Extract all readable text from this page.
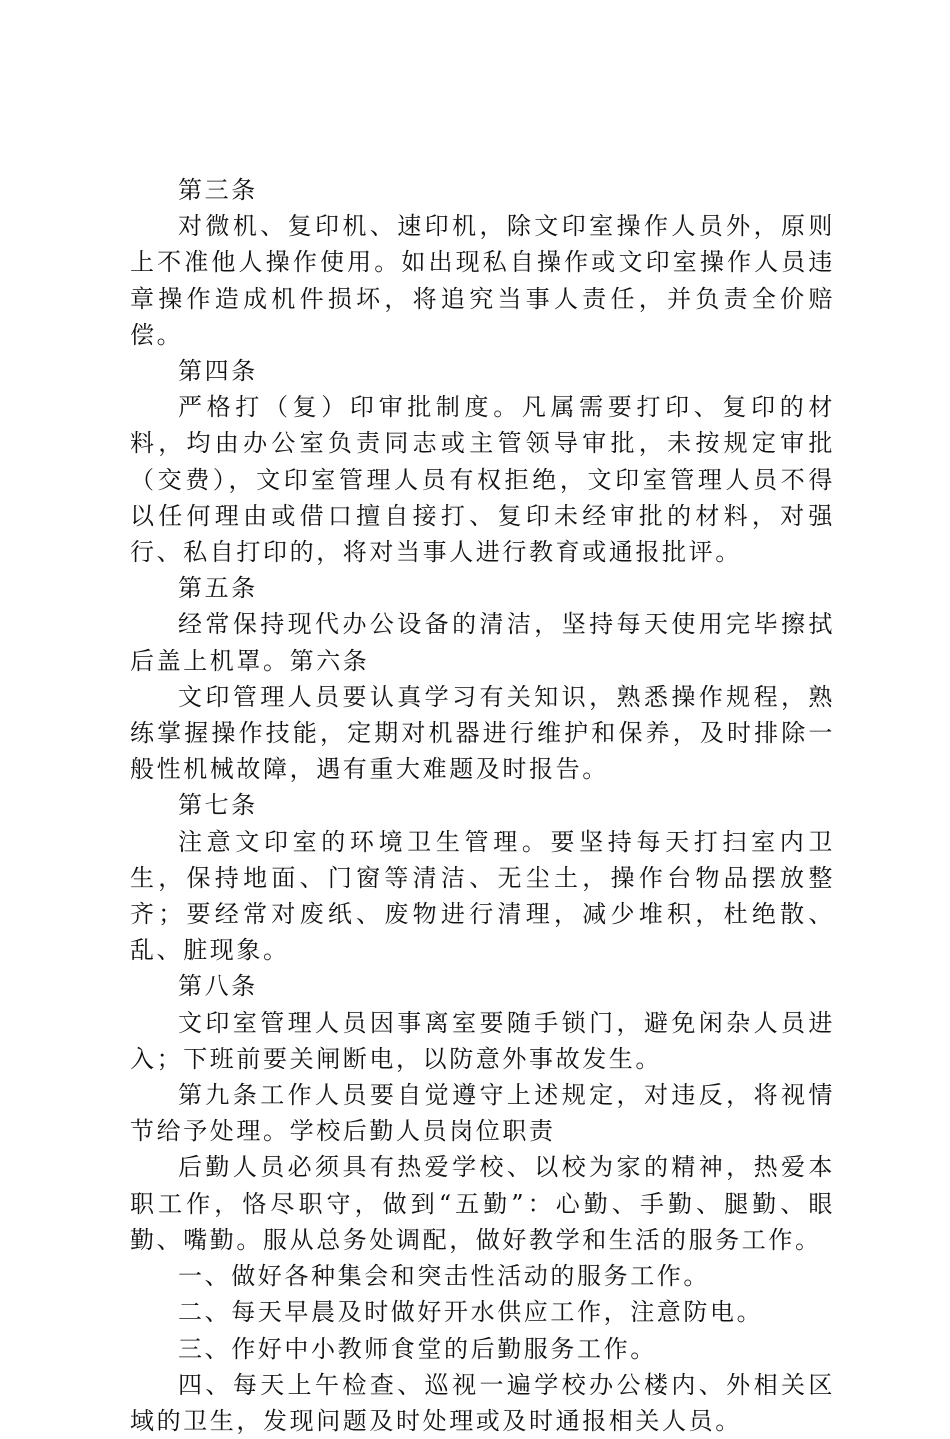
第三条

对微机、复印机、速印机，除文印室操作人员外，原则上不准他人操作使用。如出现私自操作或文印室操作人员违章操作造成机件损坏，将追究当事人责任，并负责全价赔偿。

第四条

严格打（复）印审批制度。凡属需要打印、复印的材料，均由办公室负责同志或主管领导审批，未按规定审批（交费），文印室管理人员有权拒绝，文印室管理人员不得以任何理由或借口擅自接打、复印未经审批的材料，对强行、私自打印的，将对当事人进行教育或通报批评。

第五条

经常保持现代办公设备的清洁，坚持每天使用完毕擦拭后盖上机罩。第六条

文印管理人员要认真学习有关知识，熟悉操作规程，熟练掌握操作技能，定期对机器进行维护和保养，及时排除一般性机械故障，遇有重大难题及时报告。

第七条

注意文印室的环境卫生管理。要坚持每天打扫室内卫生，保持地面、门窗等清洁、无尘土，操作台物品摆放整齐；要经常对废纸、废物进行清理，减少堆积，杜绝散、乱、脏现象。

第八条

文印室管理人员因事离室要随手锁门，避免闲杂人员进入；下班前要关闸断电，以防意外事故发生。

第九条工作人员要自觉遵守上述规定，对违反，将视情节给予处理。学校后勤人员岗位职责

后勤人员必须具有热爱学校、以校为家的精神，热爱本职工作，恪尽职守，做到“五勤”：心勤、手勤、腿勤、眼勤、嘴勤。服从总务处调配，做好教学和生活的服务工作。

一、做好各种集会和突击性活动的服务工作。

二、每天早晨及时做好开水供应工作，注意防电。

三、作好中小教师食堂的后勤服务工作。

四、每天上午检查、巡视一遍学校办公楼内、外相关区域的卫生，发现问题及时处理或及时通报相关人员。
